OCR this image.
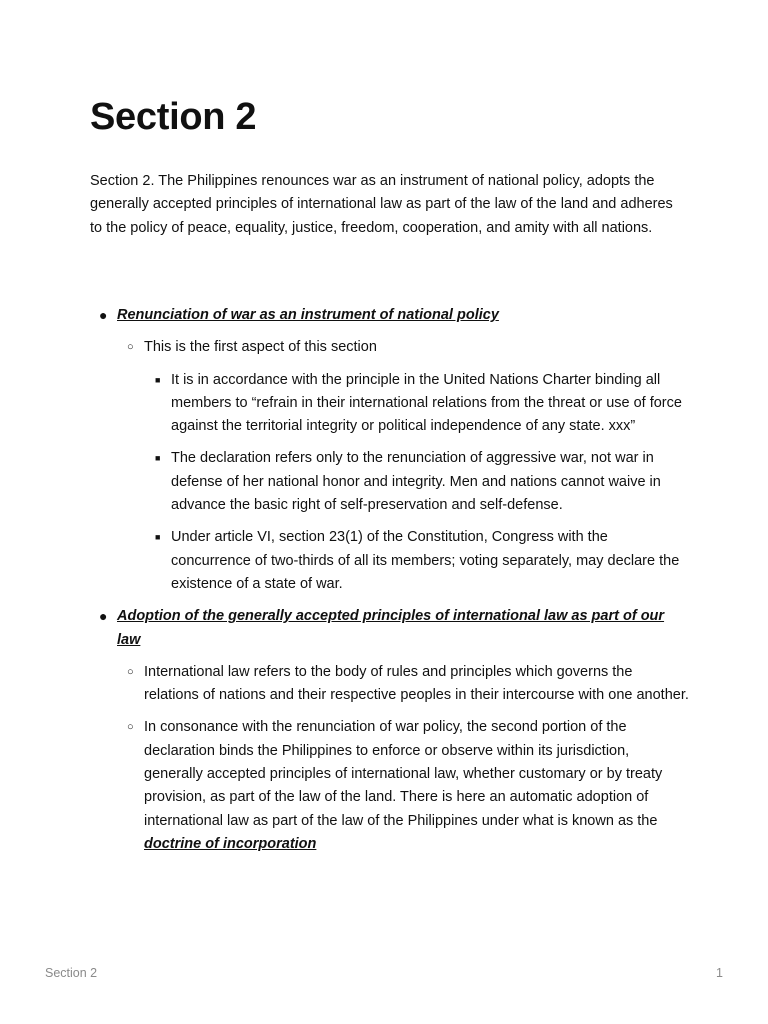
Section 2

Section 2. The Philippines renounces war as an instrument of national policy, adopts the generally accepted principles of international law as part of the law of the land and adheres to the policy of peace, equality, justice, freedom, cooperation, and amity with all nations.

● Renunciation of war as an instrument of national policy
○ This is the first aspect of this section
■ It is in accordance with the principle in the United Nations Charter binding all members to “refrain in their international relations from the threat or use of force against the territorial integrity or political independence of any state. xxx”
■ The declaration refers only to the renunciation of aggressive war, not war in defense of her national honor and integrity. Men and nations cannot waive in advance the basic right of self-preservation and self-defense.
■ Under article VI, section 23(1) of the Constitution, Congress with the concurrence of two-thirds of all its members; voting separately, may declare the existence of a state of war.
● Adoption of the generally accepted principles of international law as part of our law
○ International law refers to the body of rules and principles which governs the relations of nations and their respective peoples in their intercourse with one another.
○ In consonance with the renunciation of war policy, the second portion of the declaration binds the Philippines to enforce or observe within its jurisdiction, generally accepted principles of international law, whether customary or by treaty provision, as part of the law of the land. There is here an automatic adoption of international law as part of the law of the Philippines under what is known as the doctrine of incorporation
Section 2	1
